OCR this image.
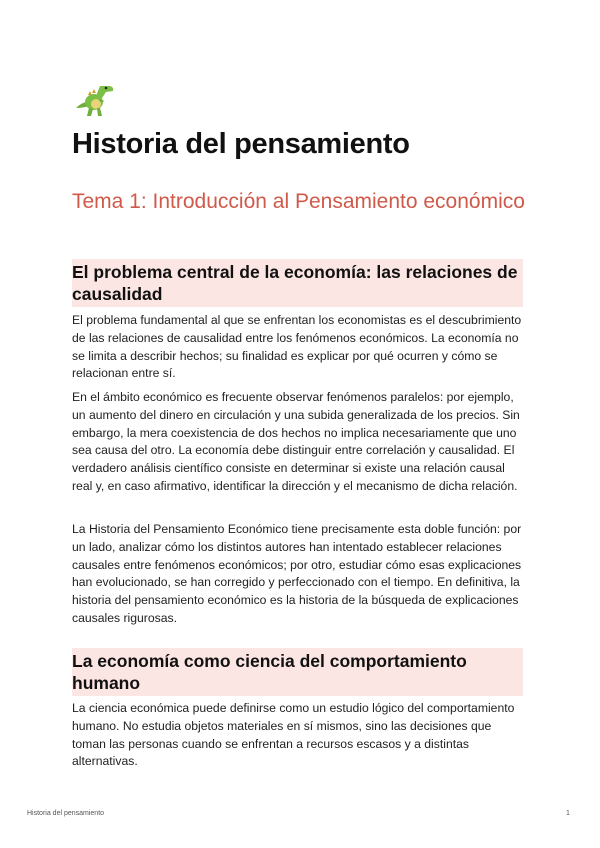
Historia del pensamiento
Tema 1: Introducción al Pensamiento económico
El problema central de la economía: las relaciones de causalidad

El problema fundamental al que se enfrentan los economistas es el descubrimiento de las relaciones de causalidad entre los fenómenos económicos. La economía no se limita a describir hechos; su finalidad es explicar por qué ocurren y cómo se relacionan entre sí.

En el ámbito económico es frecuente observar fenómenos paralelos: por ejemplo, un aumento del dinero en circulación y una subida generalizada de los precios. Sin embargo, la mera coexistencia de dos hechos no implica necesariamente que uno sea causa del otro. La economía debe distinguir entre correlación y causalidad. El verdadero análisis científico consiste en determinar si existe una relación causal real y, en caso afirmativo, identificar la dirección y el mecanismo de dicha relación.

La Historia del Pensamiento Económico tiene precisamente esta doble función: por un lado, analizar cómo los distintos autores han intentado establecer relaciones causales entre fenómenos económicos; por otro, estudiar cómo esas explicaciones han evolucionado, se han corregido y perfeccionado con el tiempo. En definitiva, la historia del pensamiento económico es la historia de la búsqueda de explicaciones causales rigurosas.

La economía como ciencia del comportamiento humano

La ciencia económica puede definirse como un estudio lógico del comportamiento humano. No estudia objetos materiales en sí mismos, sino las decisiones que toman las personas cuando se enfrentan a recursos escasos y a distintas alternativas.

Historia del pensamiento	1
